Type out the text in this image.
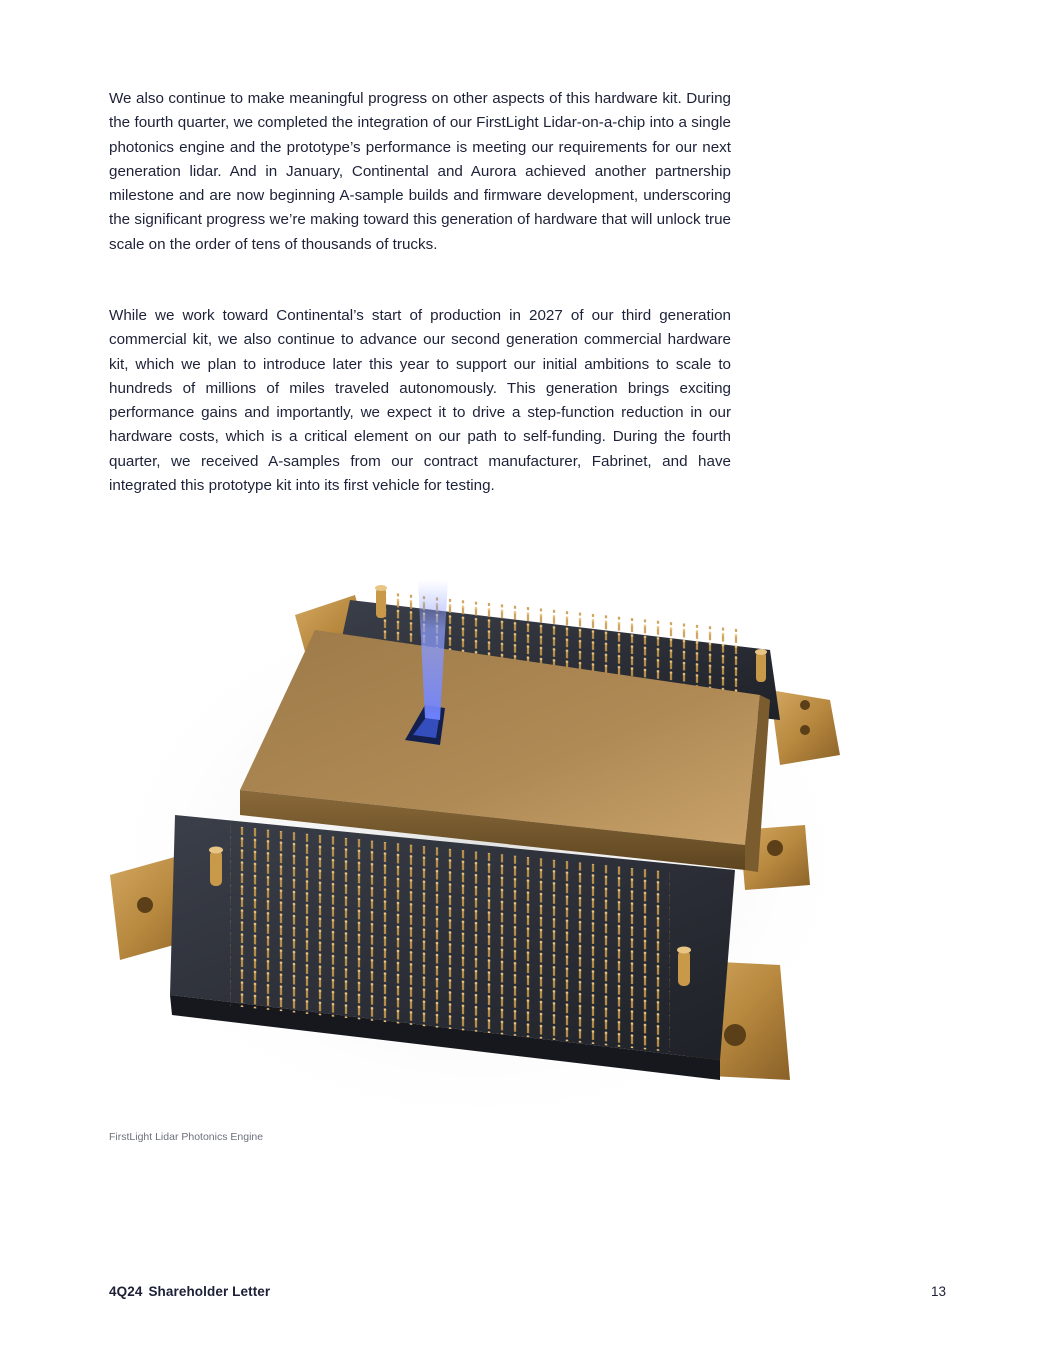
We also continue to make meaningful progress on other aspects of this hardware kit. During the fourth quarter, we completed the integration of our FirstLight Lidar-on-a-chip into a single photonics engine and the prototype’s performance is meeting our requirements for our next generation lidar. And in January, Continental and Aurora achieved another partnership milestone and are now beginning A-sample builds and firmware development, underscoring the significant progress we’re making toward this generation of hardware that will unlock true scale on the order of tens of thousands of trucks.

While we work toward Continental’s start of production in 2027 of our third generation commercial kit, we also continue to advance our second generation commercial hardware kit, which we plan to introduce later this year to support our initial ambitions to scale to hundreds of millions of miles traveled autonomously. This generation brings exciting performance gains and importantly, we expect it to drive a step-function reduction in our hardware costs, which is a critical element on our path to self-funding. During the fourth quarter, we received A-samples from our contract manufacturer, Fabrinet, and have integrated this prototype kit into its first vehicle for testing.

FirstLight Lidar Photonics Engine
4Q24 Shareholder Letter	13
